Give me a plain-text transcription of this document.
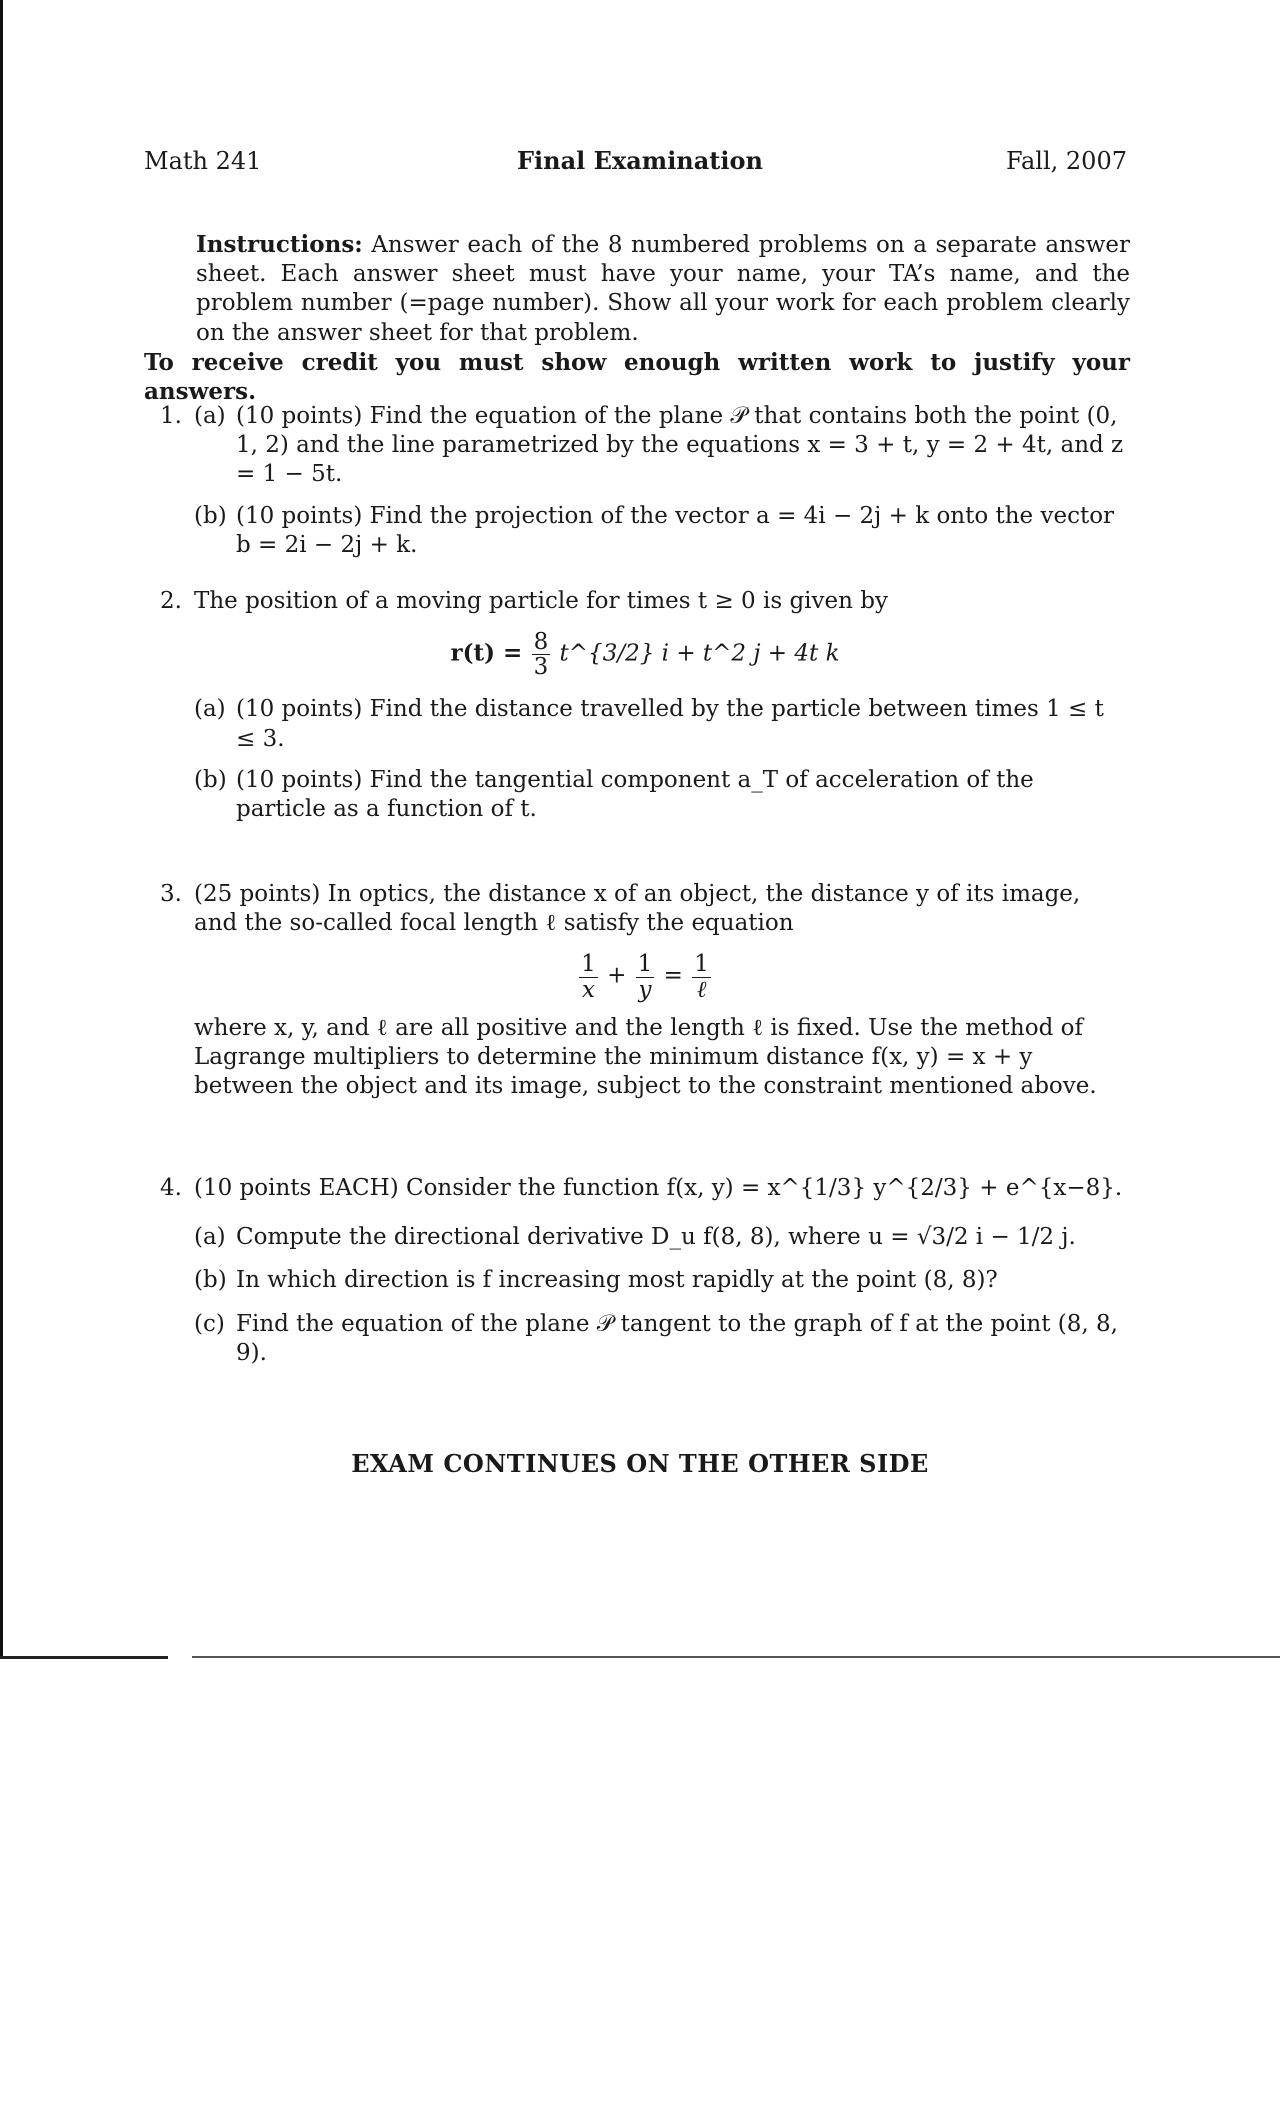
Math 241	Final Examination	Fall, 2007
Instructions: Answer each of the 8 numbered problems on a separate answer sheet. Each answer sheet must have your name, your TA’s name, and the problem number (=page number). Show all your work for each problem clearly on the answer sheet for that problem.
To receive credit you must show enough written work to justify your answers.
1. (a) (10 points) Find the equation of the plane 𝒫 that contains both the point (0, 1, 2) and the line parametrized by the equations x = 3 + t, y = 2 + 4t, and z = 1 − 5t.
(b) (10 points) Find the projection of the vector a = 4i − 2j + k onto the vector b = 2i − 2j + k.
2. The position of a moving particle for times t ≥ 0 is given by
$r(t) = \frac{8}{3}$ t^{3/2} i + t^2 j + 4t k
(a) (10 points) Find the distance travelled by the particle between times 1 ≤ t ≤ 3.
(b) (10 points) Find the tangential component a_T of acceleration of the particle as a function of t.
3. (25 points) In optics, the distance x of an object, the distance y of its image, and the so-called focal length ℓ satisfy the equation
$\frac{1}{x} + \frac{1}{y} = \frac{1}{\text{ℓ}}$
where x, y, and ℓ are all positive and the length ℓ is fixed. Use the method of Lagrange multipliers to determine the minimum distance f(x, y) = x + y between the object and its image, subject to the constraint mentioned above.
4. (10 points EACH) Consider the function f(x, y) = x^{1/3} y^{2/3} + e^{x−8}.
(a) Compute the directional derivative D_u f(8, 8), where u = √3/2 i − 1/2 j.
(b) In which direction is f increasing most rapidly at the point (8, 8)?
(c) Find the equation of the plane 𝒫 tangent to the graph of f at the point (8, 8, 9).
EXAM CONTINUES ON THE OTHER SIDE
